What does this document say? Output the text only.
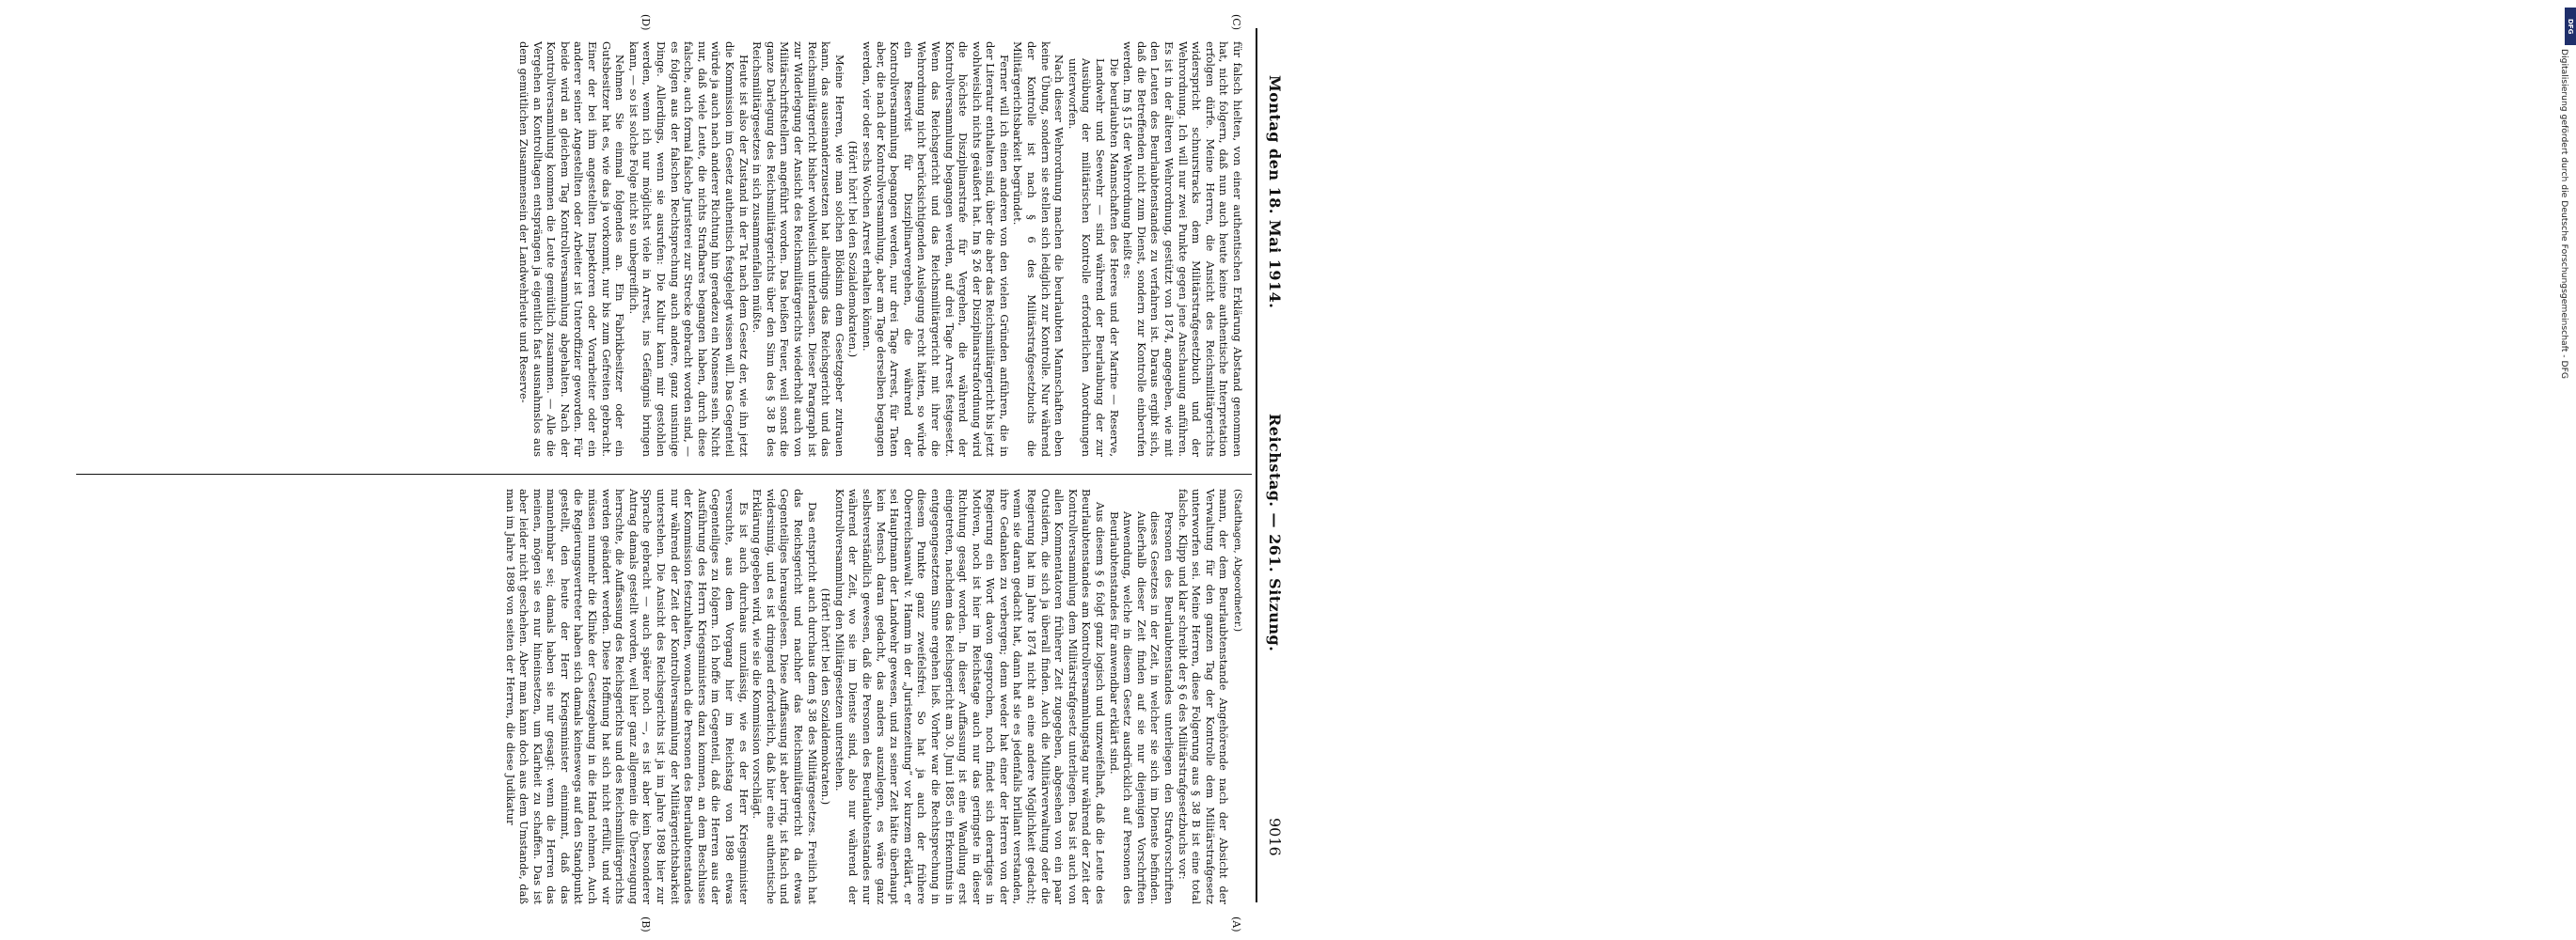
9016
Reichstag. — 261. Sitzung.
Montag den 18. Mai 1914.
(A)
(B)
(C)
(D)

(Stadthagen, Abgeordneter.)

mann, der dem Beurlaubtenstande Angehörende nach der Absicht der Verwaltung für den ganzen Tag der Kontrolle dem Militärstrafgesetz unterworfen sei. Meine Herren, diese Folgerung aus § 38 B ist eine total falsche. Klipp und klar schreibt der § 6 des Militärstrafgesetzbuchs vor:

Personen des Beurlaubtenstandes unterliegen den Strafvorschriften dieses Gesetzes in der Zeit, in welcher sie sich im Dienste befinden. Außerhalb dieser Zeit finden auf sie nur diejenigen Vorschriften Anwendung, welche in diesem Gesetz ausdrücklich auf Personen des Beurlaubtenstandes für anwendbar erklärt sind.

Aus diesem § 6 folgt ganz logisch und unzweifelhaft, daß die Leute des Beurlaubtenstandes am Kontrollversammlungstag nur während der Zeit der Kontrollversammlung dem Militärstrafgesetz unterliegen. Das ist auch von allen Kommentatoren früherer Zeit zugegeben, abgesehen von ein paar Outsidern, die sich ja überall finden. Auch die Militärverwaltung oder die Regierung hat im Jahre 1874 nicht an eine andere Möglichkeit gedacht; wenn sie daran gedacht hat, dann hat sie es jedenfalls brillant verstanden, ihre Gedanken zu verbergen; denn weder hat einer der Herren von der Regierung ein Wort davon gesprochen, noch findet sich derartiges in Motiven, noch ist hier im Reichstage auch nur das geringste in dieser Richtung gesagt worden. In dieser Auffassung ist eine Wandlung erst eingetreten, nachdem das Reichsgericht am 30. Juni 1885 ein Erkenntnis in entgegengesetztem Sinne ergehen ließ. Vorher war die Rechtsprechung in diesem Punkte ganz zweifelsfrei. So hat ja auch der frühere Oberreichsanwalt v. Hamm in der „Juristenzeitung“ vor kurzem erklärt, er sei Hauptmann der Landwehr gewesen, und zu seiner Zeit hätte überhaupt kein Mensch daran gedacht, das anders auszulegen, es wäre ganz selbstverständlich gewesen, daß die Personen des Beurlaubtenstandes nur während der Zeit, wo sie im Dienste sind, also nur während der Kontrollversammlung den Militärgesetzen unterstehen.

(Hört! hört! bei den Sozialdemokraten.)

Das entspricht auch durchaus dem § 38 des Militärgesetzes. Freilich hat das Reichsgericht und nachher das Reichsmilitärgericht da etwas Gegenteiliges herausgelesen. Diese Auffassung ist aber irrig, ist falsch und widersinnig, und es ist dringend erforderlich, daß hier eine authentische Erklärung gegeben wird, wie sie die Kommission vorschlägt.

Es ist auch durchaus unzulässig, wie es der Herr Kriegsminister versuchte, aus dem Vorgang hier im Reichstag von 1898 etwas Gegenteiliges zu folgern. Ich hoffe im Gegenteil, daß die Herren aus der Ausführung des Herrn Kriegsministers dazu kommen, an dem Beschlusse der Kommission festzuhalten, wonach die Personen des Beurlaubtenstandes nur während der Zeit der Kontrollversammlung der Militärgerichtsbarkeit unterstehen. Die Ansicht des Reichsgerichts ist ja im Jahre 1898 hier zur Sprache gebracht — auch später noch —, es ist aber kein besonderer Antrag damals gestellt worden, weil hier ganz allgemein die Überzeugung herrschte, die Auffassung des Reichsgerichts und des Reichsmilitärgerichts werden geändert werden. Diese Hoffnung hat sich nicht erfüllt, und wir müssen nunmehr die Klinke der Gesetzgebung in die Hand nehmen. Auch die Regierungsvertreter haben sich damals keineswegs auf den Standpunkt gestellt, den heute der Herr Kriegsminister einnimmt, daß das mannehmbar sei; damals haben sie nur gesagt: wenn die Herren das meinen, mögen sie es nur hineinsetzen, um Klarheit zu schaffen. Das ist aber leider nicht geschehen. Aber man kann doch aus dem Umstande, daß man im Jahre 1898 von seiten der Herren, die diese Judikatur

für falsch hielten, von einer authentischen Erklärung Abstand genommen hat, nicht folgern, daß nun auch heute keine authentische Interpretation erfolgen dürfe. Meine Herren, die Ansicht des Reichsmilitärgerichts widerspricht schnurstracks dem Militärstrafgesetzbuch und der Wehrordnung. Ich will nur zwei Punkte gegen jene Anschauung anführen. Es ist in der älteren Wehrordnung, gestützt von 1874, angegeben, wie mit den Leuten des Beurlaubtenstandes zu verfahren ist. Daraus ergibt sich, daß die Betreffenden nicht zum Dienst, sondern zur Kontrolle einberufen werden. Im § 15 der Wehrordnung heißt es:

Die beurlaubten Mannschaften des Heeres und der Marine — Reserve, Landwehr und Seewehr — sind während der Beurlaubung der zur Ausübung der militärischen Kontrolle erforderlichen Anordnungen unterworfen.

Nach dieser Wehrordnung machen die beurlaubten Mannschaften eben keine Übung, sondern sie stellen sich lediglich zur Kontrolle. Nur während der Kontrolle ist nach § 6 des Militärstrafgesetzbuchs die Militärgerichtsbarkeit begründet.

Ferner will ich einen anderen von den vielen Gründen anführen, die in der Literatur enthalten sind, über die aber das Reichsmilitärgericht bis jetzt wohlweislich nichts geäußert hat. Im § 26 der Disziplinarstrafordnung wird die höchste Disziplinarstrafe für Vergehen, die während der Kontrollversammlung begangen werden, auf drei Tage Arrest festgesetzt. Wenn das Reichsgericht und das Reichsmilitärgericht mit ihrer die Wehrordnung nicht berücksichtigenden Auslegung recht hätten, so würde ein Reservist für Disziplinarvergehen, die während der Kontrollversammlung begangen werden, nur drei Tage Arrest, für Taten aber, die nach der Kontrollversammlung, aber am Tage derselben begangen werden, vier oder sechs Wochen Arrest erhalten können.

(Hört! hört! bei den Sozialdemokraten.)

Meine Herren, wie man solchen Blödsinn dem Gesetzgeber zutrauen kann, das auseinanderzusetzen hat allerdings das Reichsgericht und das Reichsmilitärgericht bisher wohlweislich unterlassen. Dieser Paragraph ist zur Widerlegung der Ansicht des Reichsmilitärgerichts wiederholt auch von Militärschriftstellern angeführt worden. Das heißen Feuer, weil sonst die ganze Darlegung des Reichsmilitärgerichts über den Sinn des § 38 B des Reichsmilitärgesetzes in sich zusammenfallen müßte.

Heute ist also der Zustand in der Tat nach dem Gesetz der, wie ihn jetzt die Kommission im Gesetz authentisch festgelegt wissen will. Das Gegenteil würde ja auch nach anderer Richtung hin geradezu ein Nonsens sein. Nicht nur, daß viele Leute, die nichts Strafbares begangen haben, durch diese falsche, auch formal falsche Juristerei zur Strecke gebracht worden sind, — es folgen aus der falschen Rechtsprechung auch andere, ganz unsinnige Dinge. Allerdings, wenn sie ausrufen: Die Kultur kann mir gestohlen werden, wenn ich nur möglichst viele in Arrest, ins Gefängnis bringen kann, — so ist solche Folge nicht so unbegreiflich.

Nehmen Sie einmal folgendes an. Ein Fabrikbesitzer oder ein Gutsbesitzer hat es, wie das ja vorkommt, nur bis zum Gefreiten gebracht. Einer der bei ihm angestellten Inspektoren oder Vorarbeiter oder ein anderer seiner Angestellten oder Arbeiter ist Unteroffizier geworden. Für beide wird an gleichem Tag Kontrollversammlung abgehalten. Nach der Kontrollversammlung kommen die Leute gemütlich zusammen. — Alle die Vergehen an Kontrolltagen entsprängen ja eigentlich fast ausnahmslos aus dem gemütlichen Zusammensein der Landwehrleute und Reserve-

DFG
Digitalisierung gefördert durch die Deutsche Forschungsgemeinschaft - DFG
